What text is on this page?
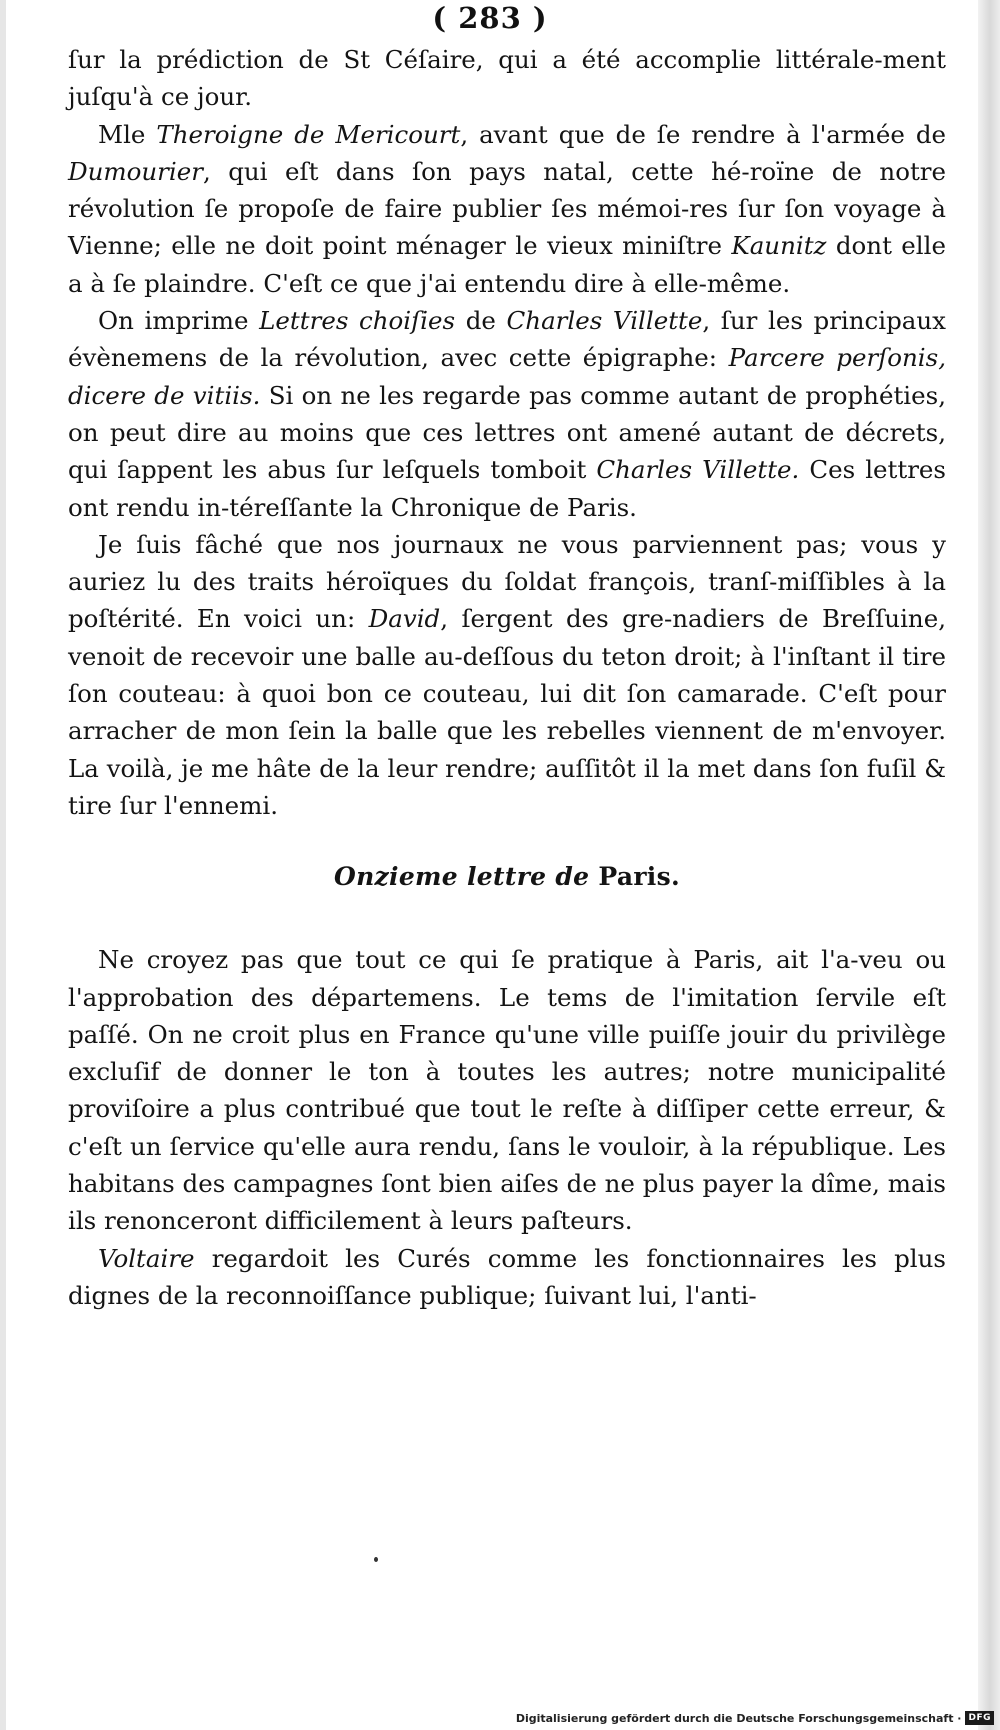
( 283 )

ſur la prédiction de St Céſaire, qui a été accomplie littérale-ment juſqu'à ce jour.

Mle Theroigne de Mericourt, avant que de ſe rendre à l'armée de Dumourier, qui eſt dans ſon pays natal, cette hé-roïne de notre révolution ſe propoſe de faire publier ſes mémoi-res ſur ſon voyage à Vienne; elle ne doit point ménager le vieux miniſtre Kaunitz dont elle a à ſe plaindre. C'eſt ce que j'ai entendu dire à elle-même.

On imprime Lettres choiſies de Charles Villette, ſur les principaux évènemens de la révolution, avec cette épigraphe: Parcere perſonis, dicere de vitiis. Si on ne les regarde pas comme autant de prophéties, on peut dire au moins que ces lettres ont amené autant de décrets, qui ſappent les abus ſur leſquels tomboit Charles Villette. Ces lettres ont rendu in-téreſſante la Chronique de Paris.

Je ſuis fâché que nos journaux ne vous parviennent pas; vous y auriez lu des traits héroïques du ſoldat françois, tranſ-miſſibles à la poſtérité. En voici un: David, ſergent des gre-nadiers de Breſſuine, venoit de recevoir une balle au-deſſous du teton droit; à l'inſtant il tire ſon couteau: à quoi bon ce couteau, lui dit ſon camarade. C'eſt pour arracher de mon ſein la balle que les rebelles viennent de m'envoyer. La voilà, je me hâte de la leur rendre; auſſitôt il la met dans ſon fuſil & tire ſur l'ennemi.

Onzieme lettre de Paris.

Ne croyez pas que tout ce qui ſe pratique à Paris, ait l'a-veu ou l'approbation des départemens. Le tems de l'imitation ſervile eſt paſſé. On ne croit plus en France qu'une ville puiſſe jouir du privilège excluſif de donner le ton à toutes les autres; notre municipalité proviſoire a plus contribué que tout le reſte à diſſiper cette erreur, & c'eſt un ſervice qu'elle aura rendu, ſans le vouloir, à la république. Les habitans des campagnes ſont bien aiſes de ne plus payer la dîme, mais ils renonceront difficilement à leurs paſteurs.

Voltaire regardoit les Curés comme les fonctionnaires les plus dignes de la reconnoiſſance publique; ſuivant lui, l'anti-

Digitalisierung gefördert durch die Deutsche Forschungsgemeinschaft · DFG
